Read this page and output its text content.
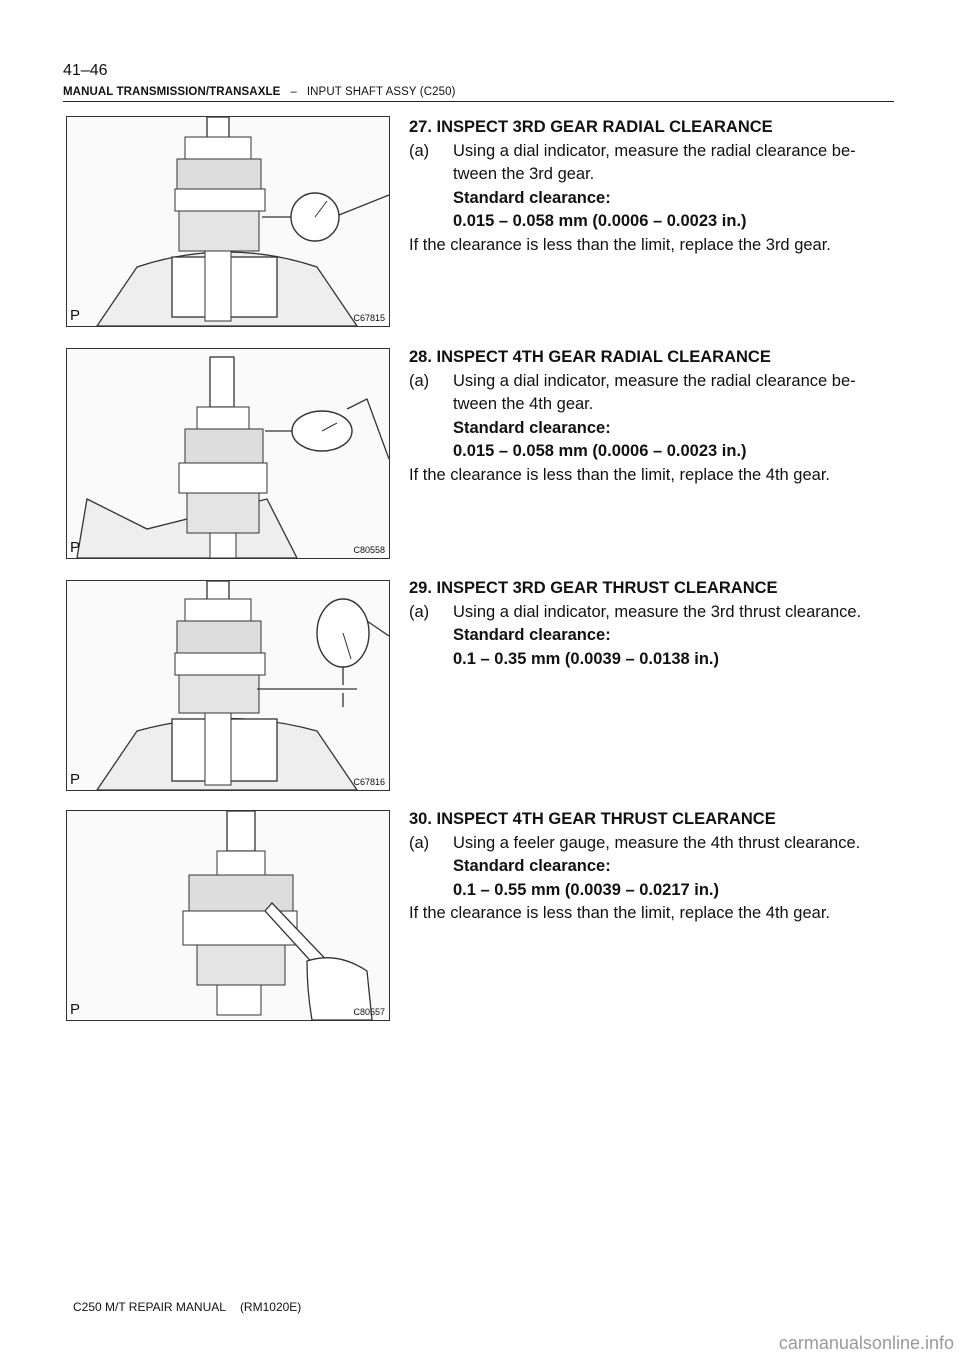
41–46
MANUAL TRANSMISSION/TRANSAXLE – INPUT SHAFT ASSY (C250)
P	C67815

27. INSPECT 3RD GEAR RADIAL CLEARANCE

(a)	Using a dial indicator, measure the radial clearance be-

tween the 3rd gear.

Standard clearance:

0.015 – 0.058 mm (0.0006 – 0.0023 in.)

If the clearance is less than the limit, replace the 3rd gear.

P	C80558

28. INSPECT 4TH GEAR RADIAL CLEARANCE

(a)	Using a dial indicator, measure the radial clearance be-

tween the 4th gear.

Standard clearance:

0.015 – 0.058 mm (0.0006 – 0.0023 in.)

If the clearance is less than the limit, replace the 4th gear.

P	C67816

29. INSPECT 3RD GEAR THRUST CLEARANCE

(a)	Using a dial indicator, measure the 3rd thrust clearance.

Standard clearance:

0.1 – 0.35 mm (0.0039 – 0.0138 in.)

P	C80557

30. INSPECT 4TH GEAR THRUST CLEARANCE

(a)	Using a feeler gauge, measure the 4th thrust clearance.

Standard clearance:

0.1 – 0.55 mm (0.0039 – 0.0217 in.)

If the clearance is less than the limit, replace the 4th gear.

C250 M/T REPAIR MANUAL (RM1020E)
carmanualsonline.info
